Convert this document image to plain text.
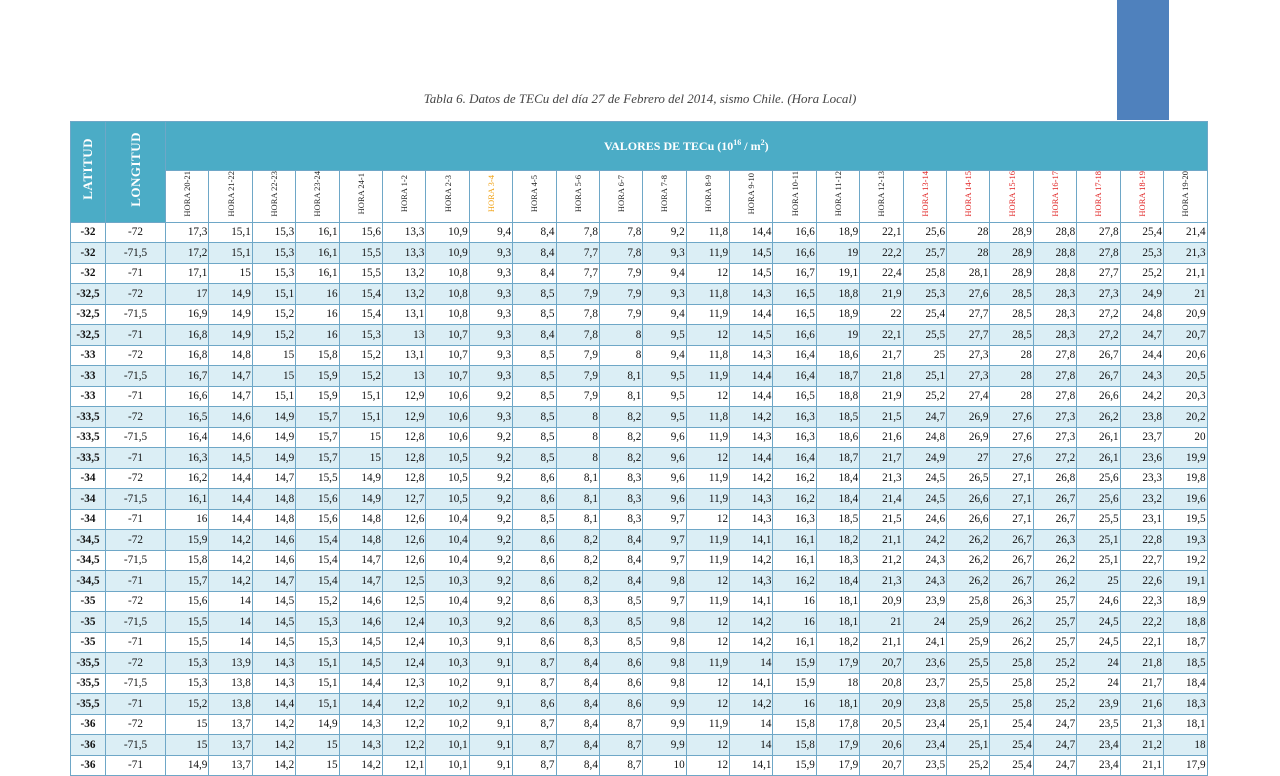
Tabla 6. Datos de TECu del día 27 de Febrero del 2014, sismo Chile. (Hora Local)
LATITUD	LONGITUD	VALORES DE TECu $(10^{16} / m^2)$																							
		HORA 20-21	HORA 21-22	HORA 22-23	HORA 23-24	HORA 24-1	HORA 1-2	HORA 2-3	HORA 3-4	HORA 4-5	HORA 5-6	HORA 6-7	HORA 7-8	HORA 8-9	HORA 9-10	HORA 10-11	HORA 11-12	HORA 12-13	HORA 13-14	HORA 14-15	HORA 15-16	HORA 16-17	HORA 17-18	HORA 18-19	HORA 19-20
-32	-72	17,3	15,1	15,3	16,1	15,6	13,3	10,9	9,4	8,4	7,8	7,8	9,2	11,8	14,4	16,6	18,9	22,1	25,6	28	28,9	28,8	27,8	25,4	21,4
-32	-71,5	17,2	15,1	15,3	16,1	15,5	13,3	10,9	9,3	8,4	7,7	7,8	9,3	11,9	14,5	16,6	19	22,2	25,7	28	28,9	28,8	27,8	25,3	21,3
-32	-71	17,1	15	15,3	16,1	15,5	13,2	10,8	9,3	8,4	7,7	7,9	9,4	12	14,5	16,7	19,1	22,4	25,8	28,1	28,9	28,8	27,7	25,2	21,1
-32,5	-72	17	14,9	15,1	16	15,4	13,2	10,8	9,3	8,5	7,9	7,9	9,3	11,8	14,3	16,5	18,8	21,9	25,3	27,6	28,5	28,3	27,3	24,9	21
-32,5	-71,5	16,9	14,9	15,2	16	15,4	13,1	10,8	9,3	8,5	7,8	7,9	9,4	11,9	14,4	16,5	18,9	22	25,4	27,7	28,5	28,3	27,2	24,8	20,9
-32,5	-71	16,8	14,9	15,2	16	15,3	13	10,7	9,3	8,4	7,8	8	9,5	12	14,5	16,6	19	22,1	25,5	27,7	28,5	28,3	27,2	24,7	20,7
-33	-72	16,8	14,8	15	15,8	15,2	13,1	10,7	9,3	8,5	7,9	8	9,4	11,8	14,3	16,4	18,6	21,7	25	27,3	28	27,8	26,7	24,4	20,6
-33	-71,5	16,7	14,7	15	15,9	15,2	13	10,7	9,3	8,5	7,9	8,1	9,5	11,9	14,4	16,4	18,7	21,8	25,1	27,3	28	27,8	26,7	24,3	20,5
-33	-71	16,6	14,7	15,1	15,9	15,1	12,9	10,6	9,2	8,5	7,9	8,1	9,5	12	14,4	16,5	18,8	21,9	25,2	27,4	28	27,8	26,6	24,2	20,3
-33,5	-72	16,5	14,6	14,9	15,7	15,1	12,9	10,6	9,3	8,5	8	8,2	9,5	11,8	14,2	16,3	18,5	21,5	24,7	26,9	27,6	27,3	26,2	23,8	20,2
-33,5	-71,5	16,4	14,6	14,9	15,7	15	12,8	10,6	9,2	8,5	8	8,2	9,6	11,9	14,3	16,3	18,6	21,6	24,8	26,9	27,6	27,3	26,1	23,7	20
-33,5	-71	16,3	14,5	14,9	15,7	15	12,8	10,5	9,2	8,5	8	8,2	9,6	12	14,4	16,4	18,7	21,7	24,9	27	27,6	27,2	26,1	23,6	19,9
-34	-72	16,2	14,4	14,7	15,5	14,9	12,8	10,5	9,2	8,6	8,1	8,3	9,6	11,9	14,2	16,2	18,4	21,3	24,5	26,5	27,1	26,8	25,6	23,3	19,8
-34	-71,5	16,1	14,4	14,8	15,6	14,9	12,7	10,5	9,2	8,6	8,1	8,3	9,6	11,9	14,3	16,2	18,4	21,4	24,5	26,6	27,1	26,7	25,6	23,2	19,6
-34	-71	16	14,4	14,8	15,6	14,8	12,6	10,4	9,2	8,5	8,1	8,3	9,7	12	14,3	16,3	18,5	21,5	24,6	26,6	27,1	26,7	25,5	23,1	19,5
-34,5	-72	15,9	14,2	14,6	15,4	14,8	12,6	10,4	9,2	8,6	8,2	8,4	9,7	11,9	14,1	16,1	18,2	21,1	24,2	26,2	26,7	26,3	25,1	22,8	19,3
-34,5	-71,5	15,8	14,2	14,6	15,4	14,7	12,6	10,4	9,2	8,6	8,2	8,4	9,7	11,9	14,2	16,1	18,3	21,2	24,3	26,2	26,7	26,2	25,1	22,7	19,2
-34,5	-71	15,7	14,2	14,7	15,4	14,7	12,5	10,3	9,2	8,6	8,2	8,4	9,8	12	14,3	16,2	18,4	21,3	24,3	26,2	26,7	26,2	25	22,6	19,1
-35	-72	15,6	14	14,5	15,2	14,6	12,5	10,4	9,2	8,6	8,3	8,5	9,7	11,9	14,1	16	18,1	20,9	23,9	25,8	26,3	25,7	24,6	22,3	18,9
-35	-71,5	15,5	14	14,5	15,3	14,6	12,4	10,3	9,2	8,6	8,3	8,5	9,8	12	14,2	16	18,1	21	24	25,9	26,2	25,7	24,5	22,2	18,8
-35	-71	15,5	14	14,5	15,3	14,5	12,4	10,3	9,1	8,6	8,3	8,5	9,8	12	14,2	16,1	18,2	21,1	24,1	25,9	26,2	25,7	24,5	22,1	18,7
-35,5	-72	15,3	13,9	14,3	15,1	14,5	12,4	10,3	9,1	8,7	8,4	8,6	9,8	11,9	14	15,9	17,9	20,7	23,6	25,5	25,8	25,2	24	21,8	18,5
-35,5	-71,5	15,3	13,8	14,3	15,1	14,4	12,3	10,2	9,1	8,7	8,4	8,6	9,8	12	14,1	15,9	18	20,8	23,7	25,5	25,8	25,2	24	21,7	18,4
-35,5	-71	15,2	13,8	14,4	15,1	14,4	12,2	10,2	9,1	8,6	8,4	8,6	9,9	12	14,2	16	18,1	20,9	23,8	25,5	25,8	25,2	23,9	21,6	18,3
-36	-72	15	13,7	14,2	14,9	14,3	12,2	10,2	9,1	8,7	8,4	8,7	9,9	11,9	14	15,8	17,8	20,5	23,4	25,1	25,4	24,7	23,5	21,3	18,1
-36	-71,5	15	13,7	14,2	15	14,3	12,2	10,1	9,1	8,7	8,4	8,7	9,9	12	14	15,8	17,9	20,6	23,4	25,1	25,4	24,7	23,4	21,2	18
-36	-71	14,9	13,7	14,2	15	14,2	12,1	10,1	9,1	8,7	8,4	8,7	10	12	14,1	15,9	17,9	20,7	23,5	25,2	25,4	24,7	23,4	21,1	17,9
